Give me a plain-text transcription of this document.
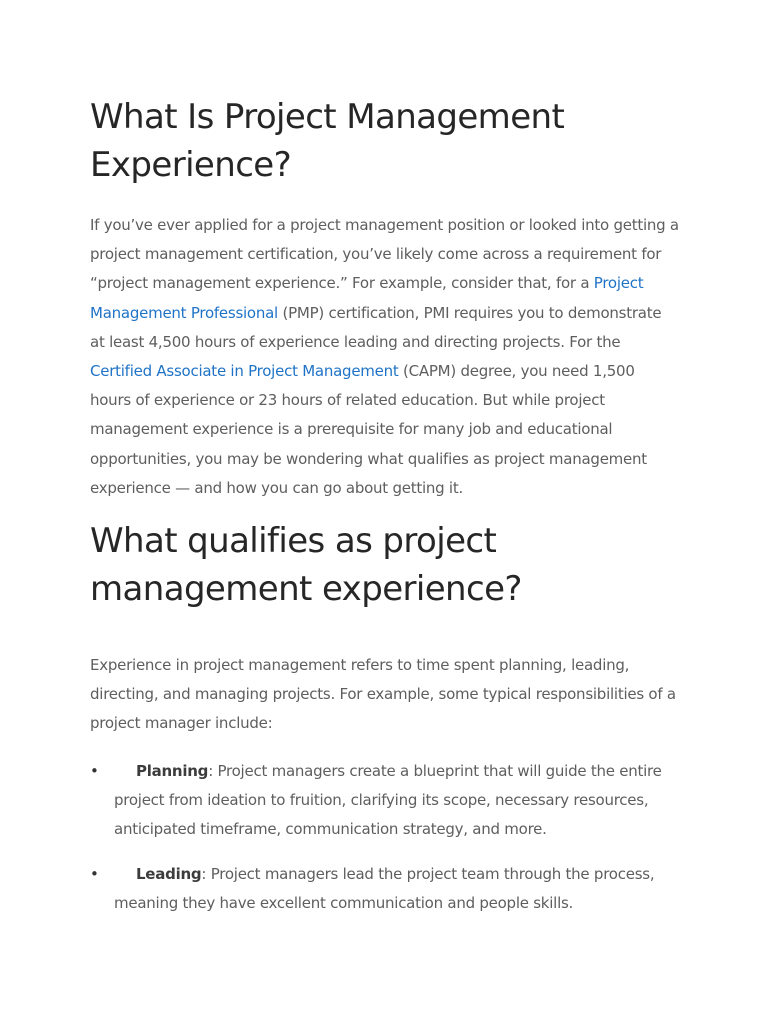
What Is Project Management Experience?

If you’ve ever applied for a project management position or looked into getting a project management certification, you’ve likely come across a requirement for “project management experience.” For example, consider that, for a Project Management Professional (PMP) certification, PMI requires you to demonstrate at least 4,500 hours of experience leading and directing projects. For the Certified Associate in Project Management (CAPM) degree, you need 1,500 hours of experience or 23 hours of related education. But while project management experience is a prerequisite for many job and educational opportunities, you may be wondering what qualifies as project management experience — and how you can go about getting it.

What qualifies as project management experience?

Experience in project management refers to time spent planning, leading, directing, and managing projects. For example, some typical responsibilities of a project manager include:

• Planning: Project managers create a blueprint that will guide the entire project from ideation to fruition, clarifying its scope, necessary resources, anticipated timeframe, communication strategy, and more.
• Leading: Project managers lead the project team through the process, meaning they have excellent communication and people skills.
